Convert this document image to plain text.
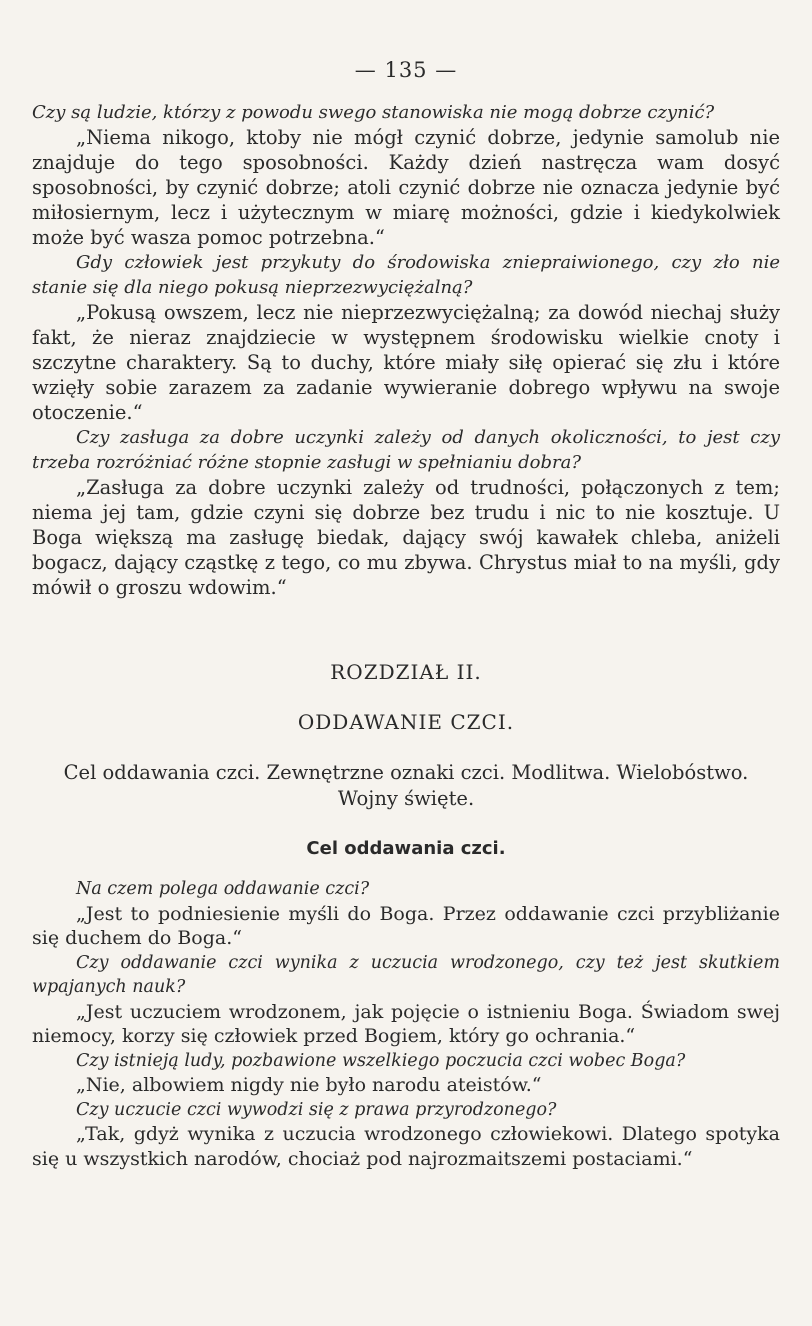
— 135 —

Czy są ludzie, którzy z powodu swego stanowiska nie mogą dobrze czynić?

„Niema nikogo, ktoby nie mógł czynić dobrze, jedynie samolub nie znajduje do tego sposobności. Każdy dzień nastręcza wam dosyć sposobności, by czynić dobrze; atoli czynić dobrze nie oznacza jedynie być miłosiernym, lecz i użytecznym w miarę możności, gdzie i kiedykolwiek może być wasza pomoc potrzebna.“

Gdy człowiek jest przykuty do środowiska zniepraiwionego, czy zło nie stanie się dla niego pokusą nieprzezwyciężalną?

„Pokusą owszem, lecz nie nieprzezwyciężalną; za dowód niechaj służy fakt, że nieraz znajdziecie w występnem środowisku wielkie cnoty i szczytne charaktery. Są to duchy, które miały siłę opierać się złu i które wzięły sobie zarazem za zadanie wywieranie dobrego wpływu na swoje otoczenie.“

Czy zasługa za dobre uczynki zależy od danych okoliczności, to jest czy trzeba rozróżniać różne stopnie zasługi w spełnianiu dobra?

„Zasługa za dobre uczynki zależy od trudności, połączonych z tem; niema jej tam, gdzie czyni się dobrze bez trudu i nic to nie kosztuje. U Boga większą ma zasługę biedak, dający swój kawałek chleba, aniżeli bogacz, dający cząstkę z tego, co mu zbywa. Chrystus miał to na myśli, gdy mówił o groszu wdowim.“

ROZDZIAŁ II.
ODDAWANIE CZCI.
Cel oddawania czci. Zewnętrzne oznaki czci. Modlitwa. Wielobóstwo.
Wojny święte.
Cel oddawania czci.

Na czem polega oddawanie czci?

„Jest to podniesienie myśli do Boga. Przez oddawanie czci przybliżanie się duchem do Boga.“

Czy oddawanie czci wynika z uczucia wrodzonego, czy też jest skutkiem wpajanych nauk?

„Jest uczuciem wrodzonem, jak pojęcie o istnieniu Boga. Świadom swej niemocy, korzy się człowiek przed Bogiem, który go ochrania.“

Czy istnieją ludy, pozbawione wszelkiego poczucia czci wobec Boga?

„Nie, albowiem nigdy nie było narodu ateistów.“

Czy uczucie czci wywodzi się z prawa przyrodzonego?

„Tak, gdyż wynika z uczucia wrodzonego człowiekowi. Dlatego spotyka się u wszystkich narodów, chociaż pod najrozmaitszemi postaciami.“
